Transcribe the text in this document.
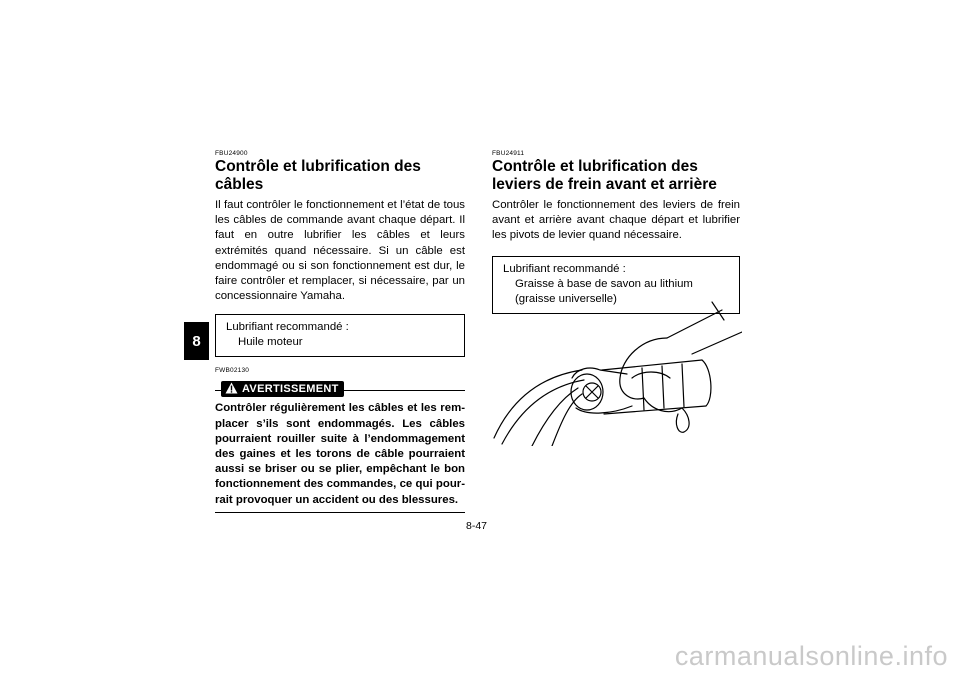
8
FBU24900
Contrôle et lubrification des câbles

Il faut contrôler le fonctionnement et l’état de tous les câbles de commande avant chaque départ. Il faut en outre lubrifier les câbles et leurs extrémités quand nécessaire. Si un câble est endommagé ou si son fonctionnement est dur, le faire contrôler et remplacer, si nécessaire, par un concessionnaire Yamaha.

Lubrifiant recommandé :
Huile moteur
FWB02130
AVERTISSEMENT

Contrôler régulièrement les câbles et les rem-placer s’ils sont endommagés. Les câbles pourraient rouiller suite à l’endommagement des gaines et les torons de câble pourraient aussi se briser ou se plier, empêchant le bon fonctionnement des commandes, ce qui pour-rait provoquer un accident ou des blessures.

FBU24911
Contrôle et lubrification des leviers de frein avant et arrière

Contrôler le fonctionnement des leviers de frein avant et arrière avant chaque départ et lubrifier les pivots de levier quand nécessaire.

Lubrifiant recommandé :
Graisse à base de savon au lithium (graisse universelle)
8-47
carmanualsonline.info
